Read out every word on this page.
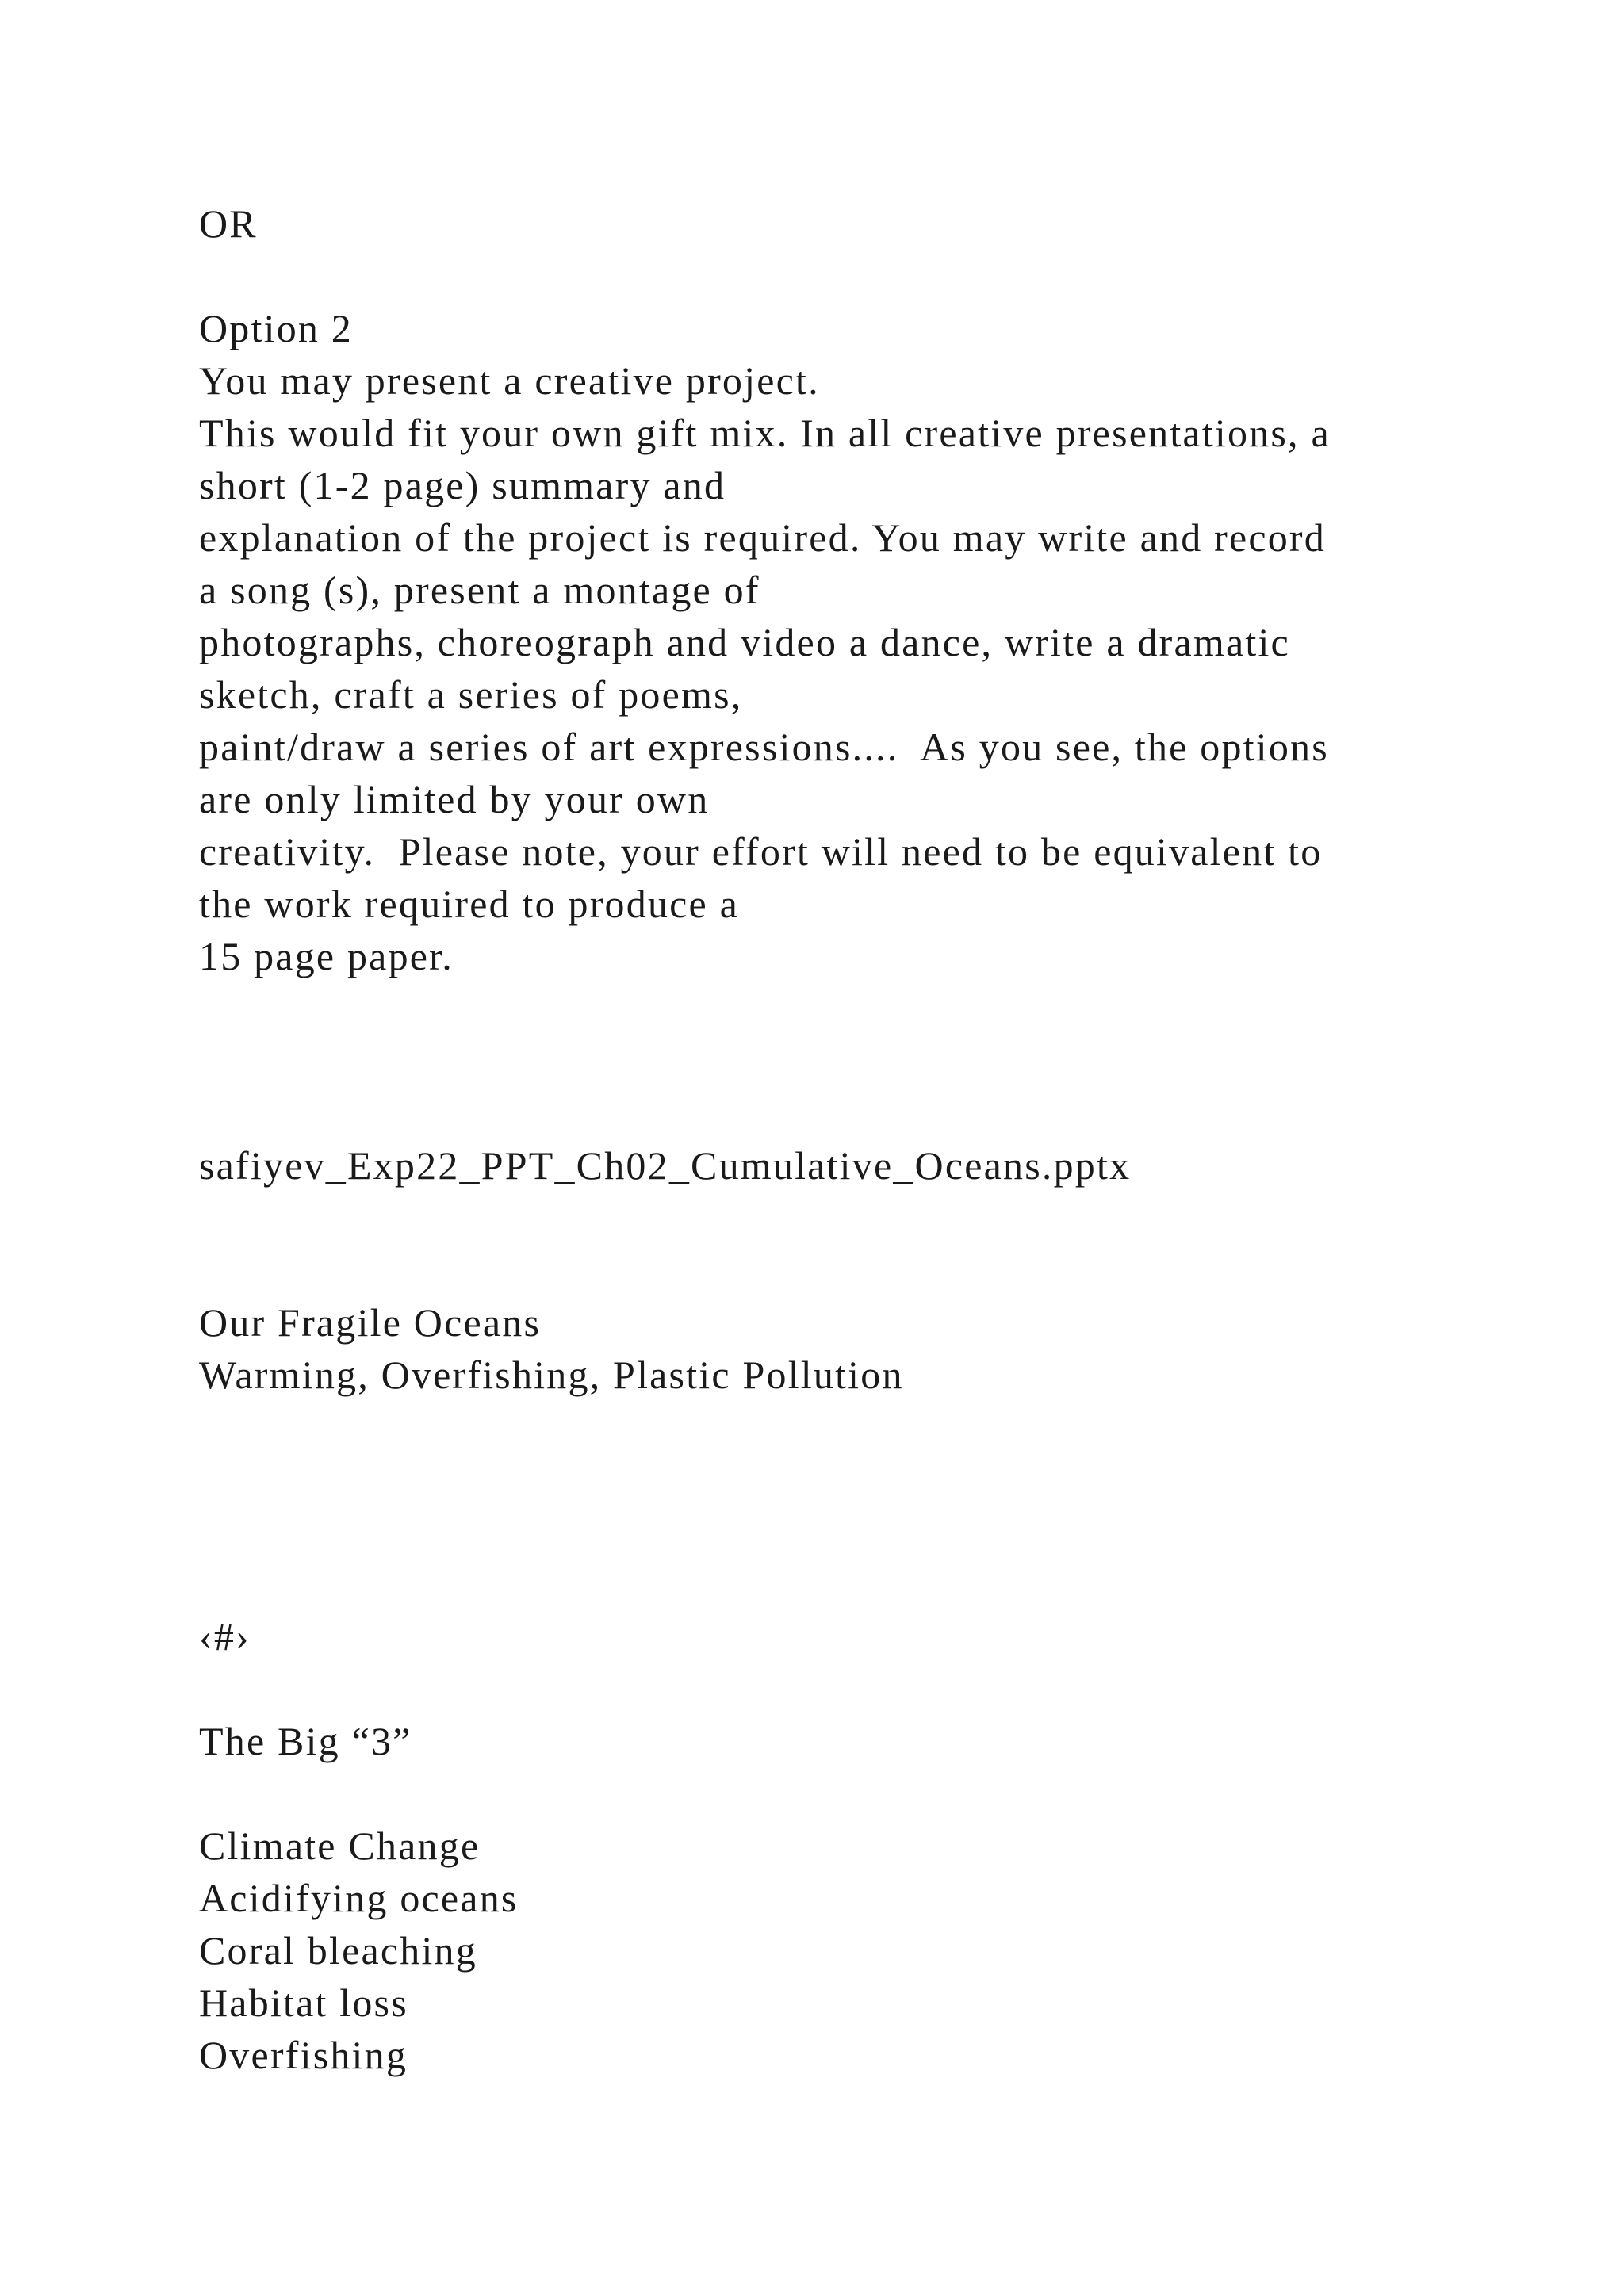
OR

Option 2

You may present a creative project.

This would fit your own gift mix. In all creative presentations, a

short (1-2 page) summary and

explanation of the project is required. You may write and record

a song (s), present a montage of

photographs, choreograph and video a dance, write a dramatic

sketch, craft a series of poems,

paint/draw a series of art expressions....  As you see, the options

are only limited by your own

creativity.  Please note, your effort will need to be equivalent to

the work required to produce a

15 page paper.

safiyev_Exp22_PPT_Ch02_Cumulative_Oceans.pptx

Our Fragile Oceans

Warming, Overfishing, Plastic Pollution

‹#›

The Big “3”

Climate Change

Acidifying oceans

Coral bleaching

Habitat loss

Overfishing
